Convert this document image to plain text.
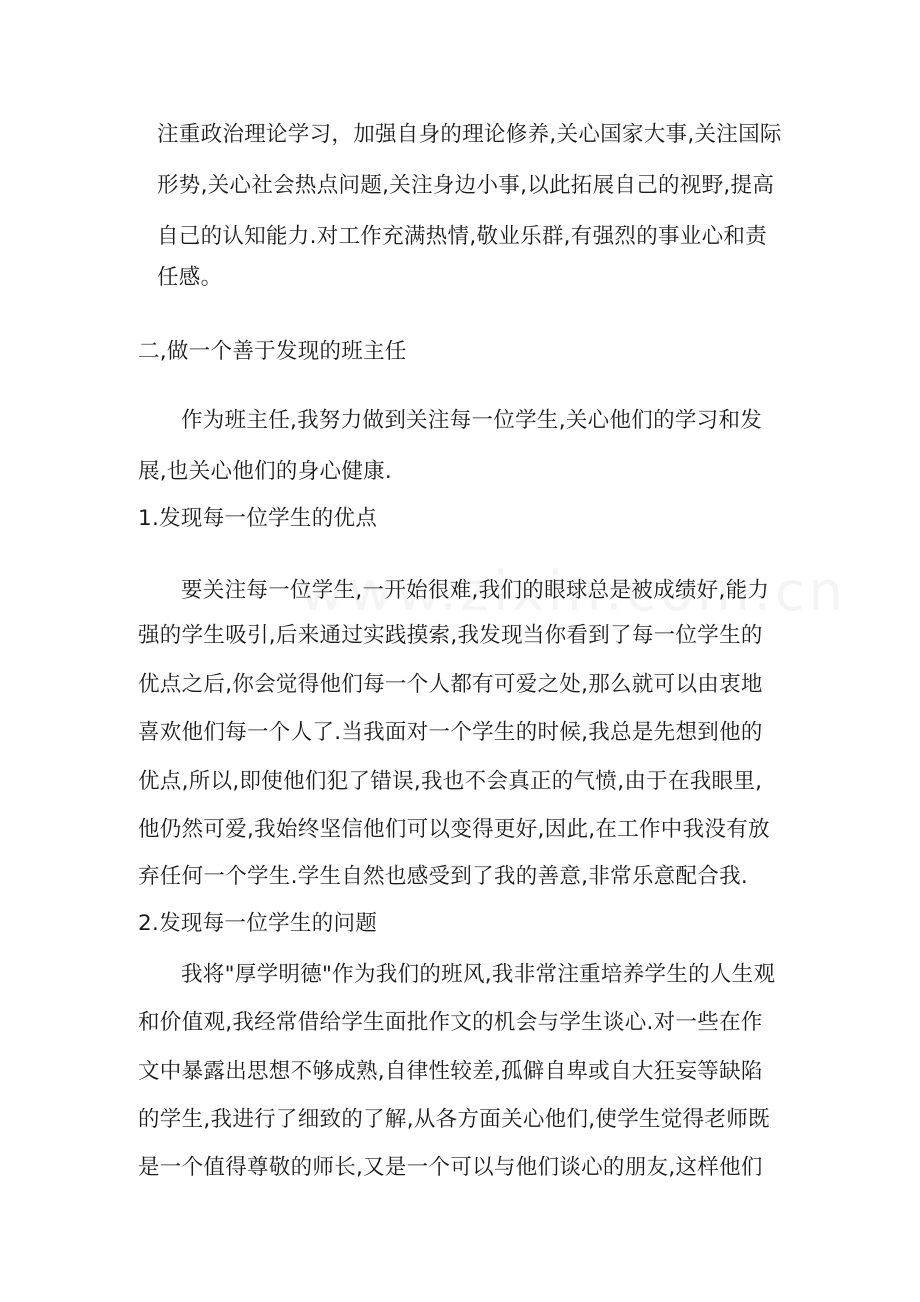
注重政治理论学习，加强自身的理论修养,关心国家大事,关注国际

形势,关心社会热点问题,关注身边小事,以此拓展自己的视野,提高

自己的认知能力.对工作充满热情,敬业乐群,有强烈的事业心和责

任感。

二,做一个善于发现的班主任

作为班主任,我努力做到关注每一位学生,关心他们的学习和发

展,也关心他们的身心健康.

1.发现每一位学生的优点

要关注每一位学生,一开始很难,我们的眼球总是被成绩好,能力

强的学生吸引,后来通过实践摸索,我发现当你看到了每一位学生的

优点之后,你会觉得他们每一个人都有可爱之处,那么就可以由衷地

喜欢他们每一个人了.当我面对一个学生的时候,我总是先想到他的

优点,所以,即使他们犯了错误,我也不会真正的气愤,由于在我眼里,

他仍然可爱,我始终坚信他们可以变得更好,因此,在工作中我没有放

弃任何一个学生.学生自然也感受到了我的善意,非常乐意配合我.

2.发现每一位学生的问题

我将"厚学明德"作为我们的班风,我非常注重培养学生的人生观

和价值观,我经常借给学生面批作文的机会与学生谈心.对一些在作

文中暴露出思想不够成熟,自律性较差,孤僻自卑或自大狂妄等缺陷

的学生,我进行了细致的了解,从各方面关心他们,使学生觉得老师既

是一个值得尊敬的师长,又是一个可以与他们谈心的朋友,这样他们
